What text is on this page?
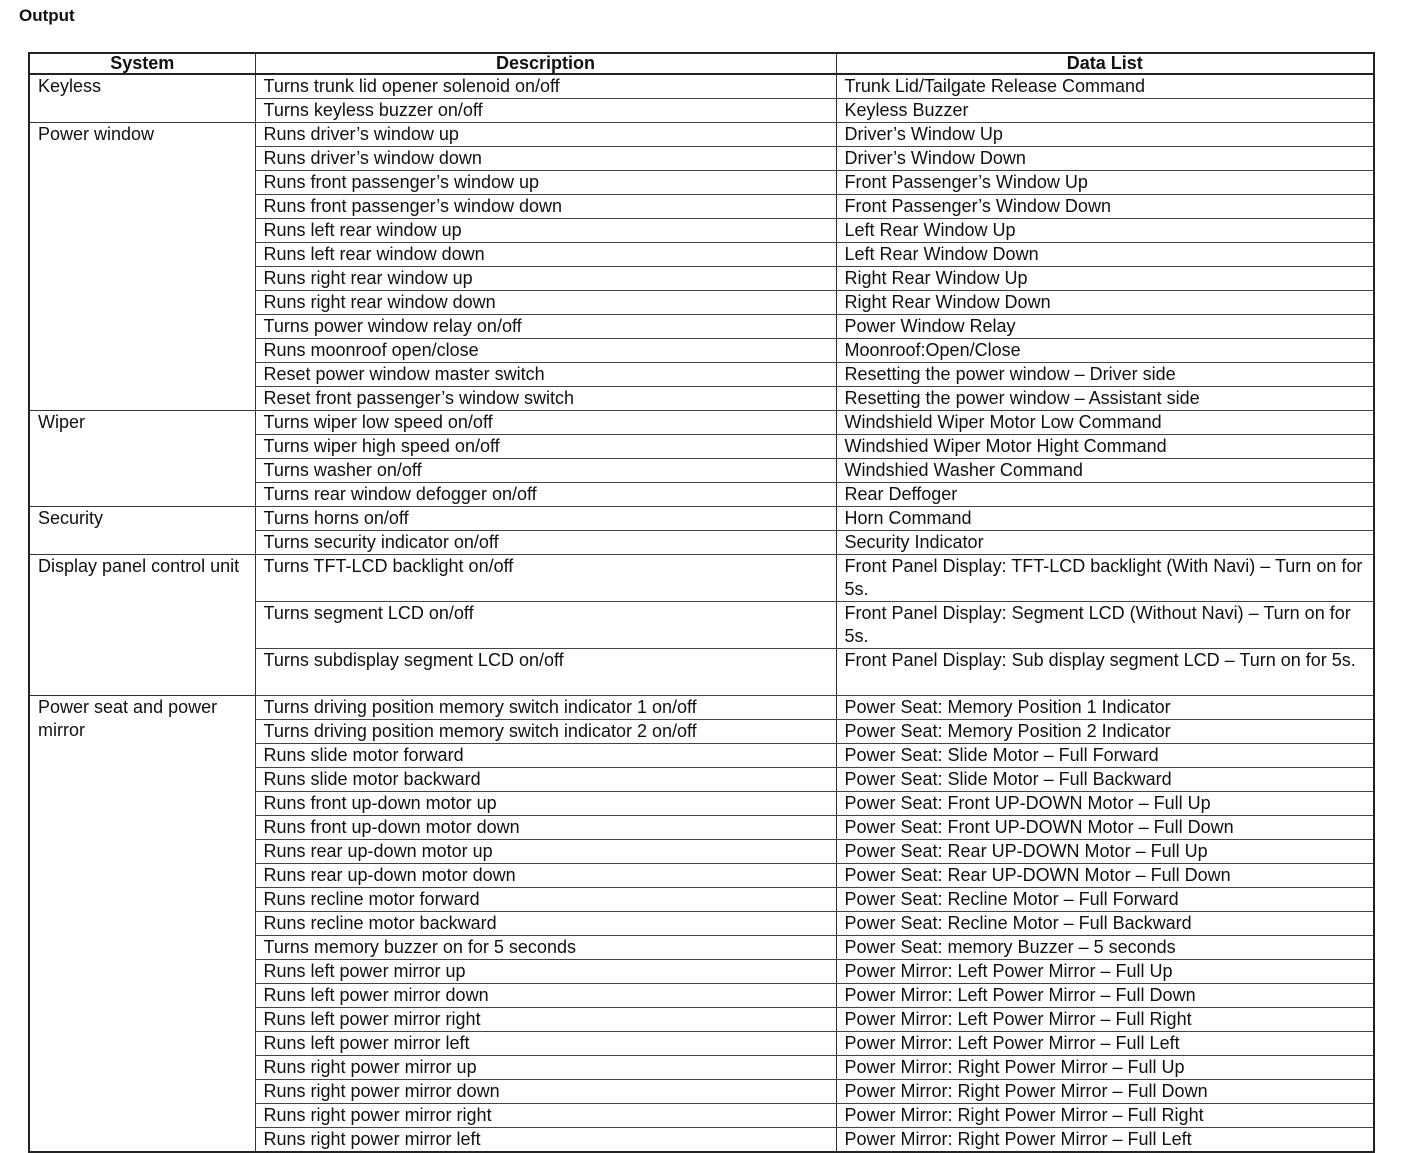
Output
System	Description	Data List
Keyless	Turns trunk lid opener solenoid on/off	Trunk Lid/Tailgate Release Command
	Turns keyless buzzer on/off	Keyless Buzzer
Power window	Runs driver’s window up	Driver’s Window Up
	Runs driver’s window down	Driver’s Window Down
	Runs front passenger’s window up	Front Passenger’s Window Up
	Runs front passenger’s window down	Front Passenger’s Window Down
	Runs left rear window up	Left Rear Window Up
	Runs left rear window down	Left Rear Window Down
	Runs right rear window up	Right Rear Window Up
	Runs right rear window down	Right Rear Window Down
	Turns power window relay on/off	Power Window Relay
	Runs moonroof open/close	Moonroof:Open/Close
	Reset power window master switch	Resetting the power window – Driver side
	Reset front passenger’s window switch	Resetting the power window – Assistant side
Wiper	Turns wiper low speed on/off	Windshield Wiper Motor Low Command
	Turns wiper high speed on/off	Windshied Wiper Motor Hight Command
	Turns washer on/off	Windshied Washer Command
	Turns rear window defogger on/off	Rear Deffoger
Security	Turns horns on/off	Horn Command
	Turns security indicator on/off	Security Indicator
Display panel control unit	Turns TFT-LCD backlight on/off	Front Panel Display: TFT-LCD backlight (With Navi) – Turn on for 5s.
	Turns segment LCD on/off	Front Panel Display: Segment LCD (Without Navi) – Turn on for 5s.
	Turns subdisplay segment LCD on/off	Front Panel Display: Sub display segment LCD – Turn on for 5s.
Power seat and power mirror	Turns driving position memory switch indicator 1 on/off	Power Seat: Memory Position 1 Indicator
	Turns driving position memory switch indicator 2 on/off	Power Seat: Memory Position 2 Indicator
	Runs slide motor forward	Power Seat: Slide Motor – Full Forward
	Runs slide motor backward	Power Seat: Slide Motor – Full Backward
	Runs front up-down motor up	Power Seat: Front UP-DOWN Motor – Full Up
	Runs front up-down motor down	Power Seat: Front UP-DOWN Motor – Full Down
	Runs rear up-down motor up	Power Seat: Rear UP-DOWN Motor – Full Up
	Runs rear up-down motor down	Power Seat: Rear UP-DOWN Motor – Full Down
	Runs recline motor forward	Power Seat: Recline Motor – Full Forward
	Runs recline motor backward	Power Seat: Recline Motor – Full Backward
	Turns memory buzzer on for 5 seconds	Power Seat: memory Buzzer – 5 seconds
	Runs left power mirror up	Power Mirror: Left Power Mirror – Full Up
	Runs left power mirror down	Power Mirror: Left Power Mirror – Full Down
	Runs left power mirror right	Power Mirror: Left Power Mirror – Full Right
	Runs left power mirror left	Power Mirror: Left Power Mirror – Full Left
	Runs right power mirror up	Power Mirror: Right Power Mirror – Full Up
	Runs right power mirror down	Power Mirror: Right Power Mirror – Full Down
	Runs right power mirror right	Power Mirror: Right Power Mirror – Full Right
	Runs right power mirror left	Power Mirror: Right Power Mirror – Full Left
